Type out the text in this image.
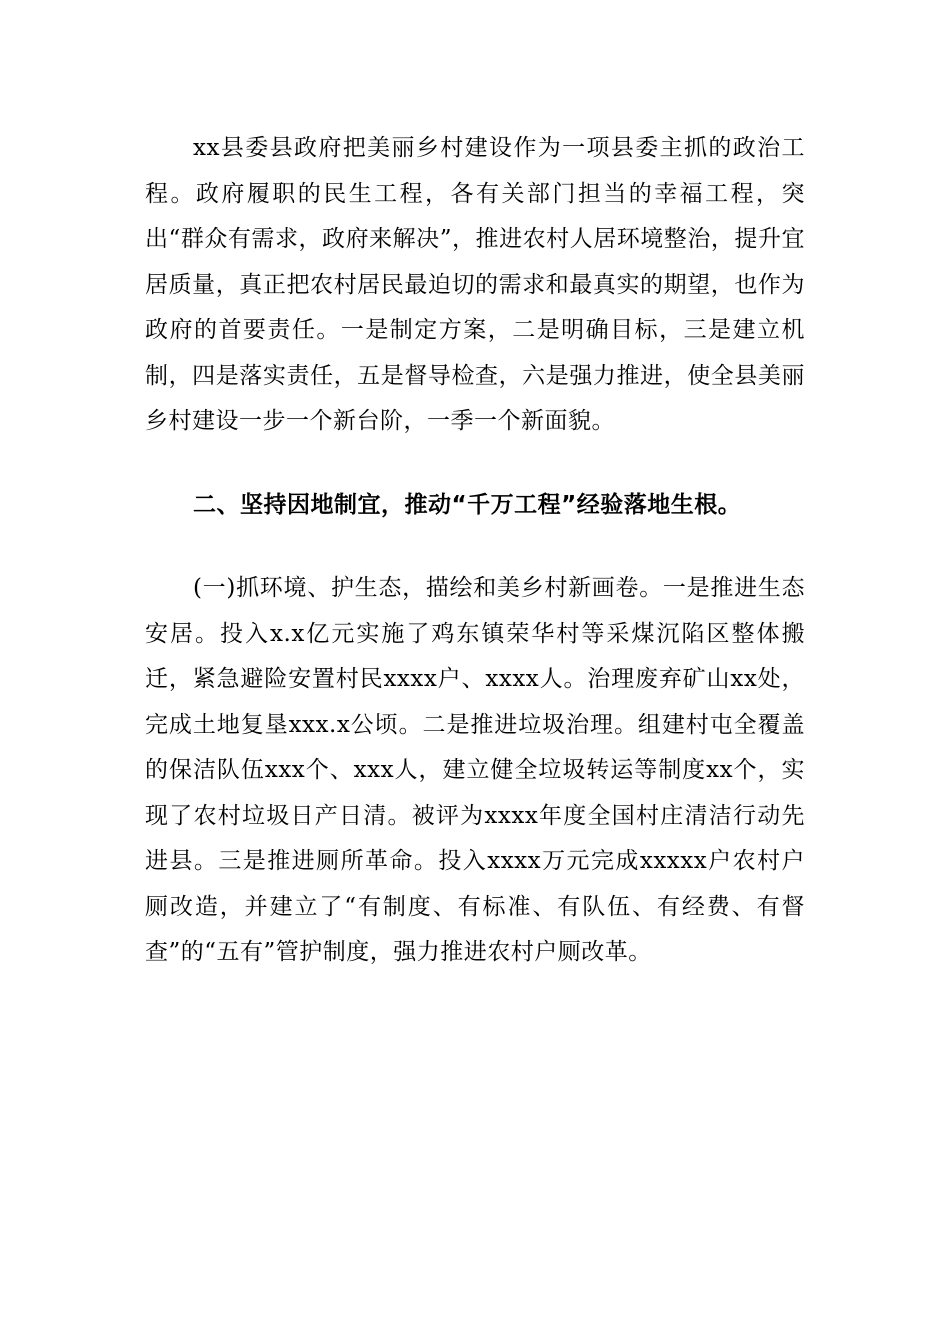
xx县委县政府把美丽乡村建设作为一项县委主抓的政治工程。政府履职的民生工程，各有关部门担当的幸福工程，突出“群众有需求，政府来解决”，推进农村人居环境整治，提升宜居质量，真正把农村居民最迫切的需求和最真实的期望，也作为政府的首要责任。一是制定方案，二是明确目标，三是建立机制，四是落实责任，五是督导检查，六是强力推进，使全县美丽乡村建设一步一个新台阶，一季一个新面貌。

二、坚持因地制宜，推动“千万工程”经验落地生根。

(一)抓环境、护生态，描绘和美乡村新画卷。一是推进生态安居。投入x.x亿元实施了鸡东镇荣华村等采煤沉陷区整体搬迁，紧急避险安置村民xxxx户、xxxx人。治理废弃矿山xx处，完成土地复垦xxx.x公顷。二是推进垃圾治理。组建村屯全覆盖的保洁队伍xxx个、xxx人，建立健全垃圾转运等制度xx个，实现了农村垃圾日产日清。被评为xxxx年度全国村庄清洁行动先进县。三是推进厕所革命。投入xxxx万元完成xxxxx户农村户厕改造，并建立了“有制度、有标准、有队伍、有经费、有督查”的“五有”管护制度，强力推进农村户厕改革。
